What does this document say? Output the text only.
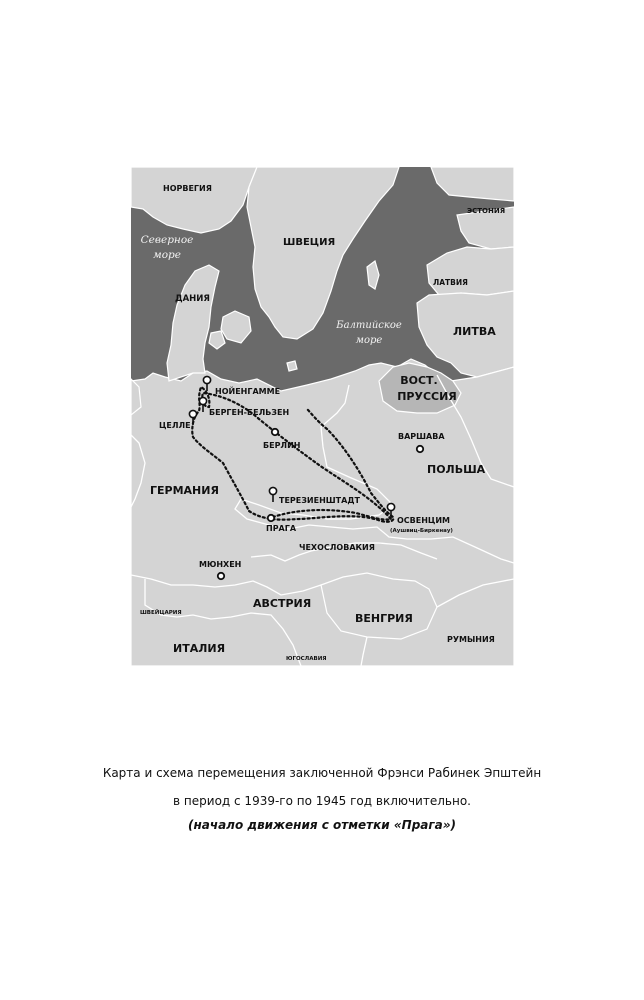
Северное
море
Балтийское
море
НОРВЕГИЯ
ШВЕЦИЯ
ЭСТОНИЯ
ЛАТВИЯ
ЛИТВА
ДАНИЯ
ВОСТ.
ПРУССИЯ
ПОЛЬША
ГЕРМАНИЯ
ЧЕХОСЛОВАКИЯ
АВСТРИЯ
ВЕНГРИЯ
РУМЫНИЯ
ШВЕЙЦАРИЯ
ИТАЛИЯ
ЮГОСЛАВИЯ
БЕРЛИН
ВАРШАВА
ПРАГА
МЮНХЕН
НОЙЕНГАММЕ
БЕРГЕН-БЕЛЬЗЕН
ЦЕЛЛЕ
ТЕРЕЗИЕНШТАДТ
ОСВЕНЦИМ
(Аушвиц-Биркенау)
Карта и схема перемещения заключенной Фрэнси Рабинек Эпштейн
в период с 1939-го по 1945 год включительно.
(начало движения с отметки «Прага»)
